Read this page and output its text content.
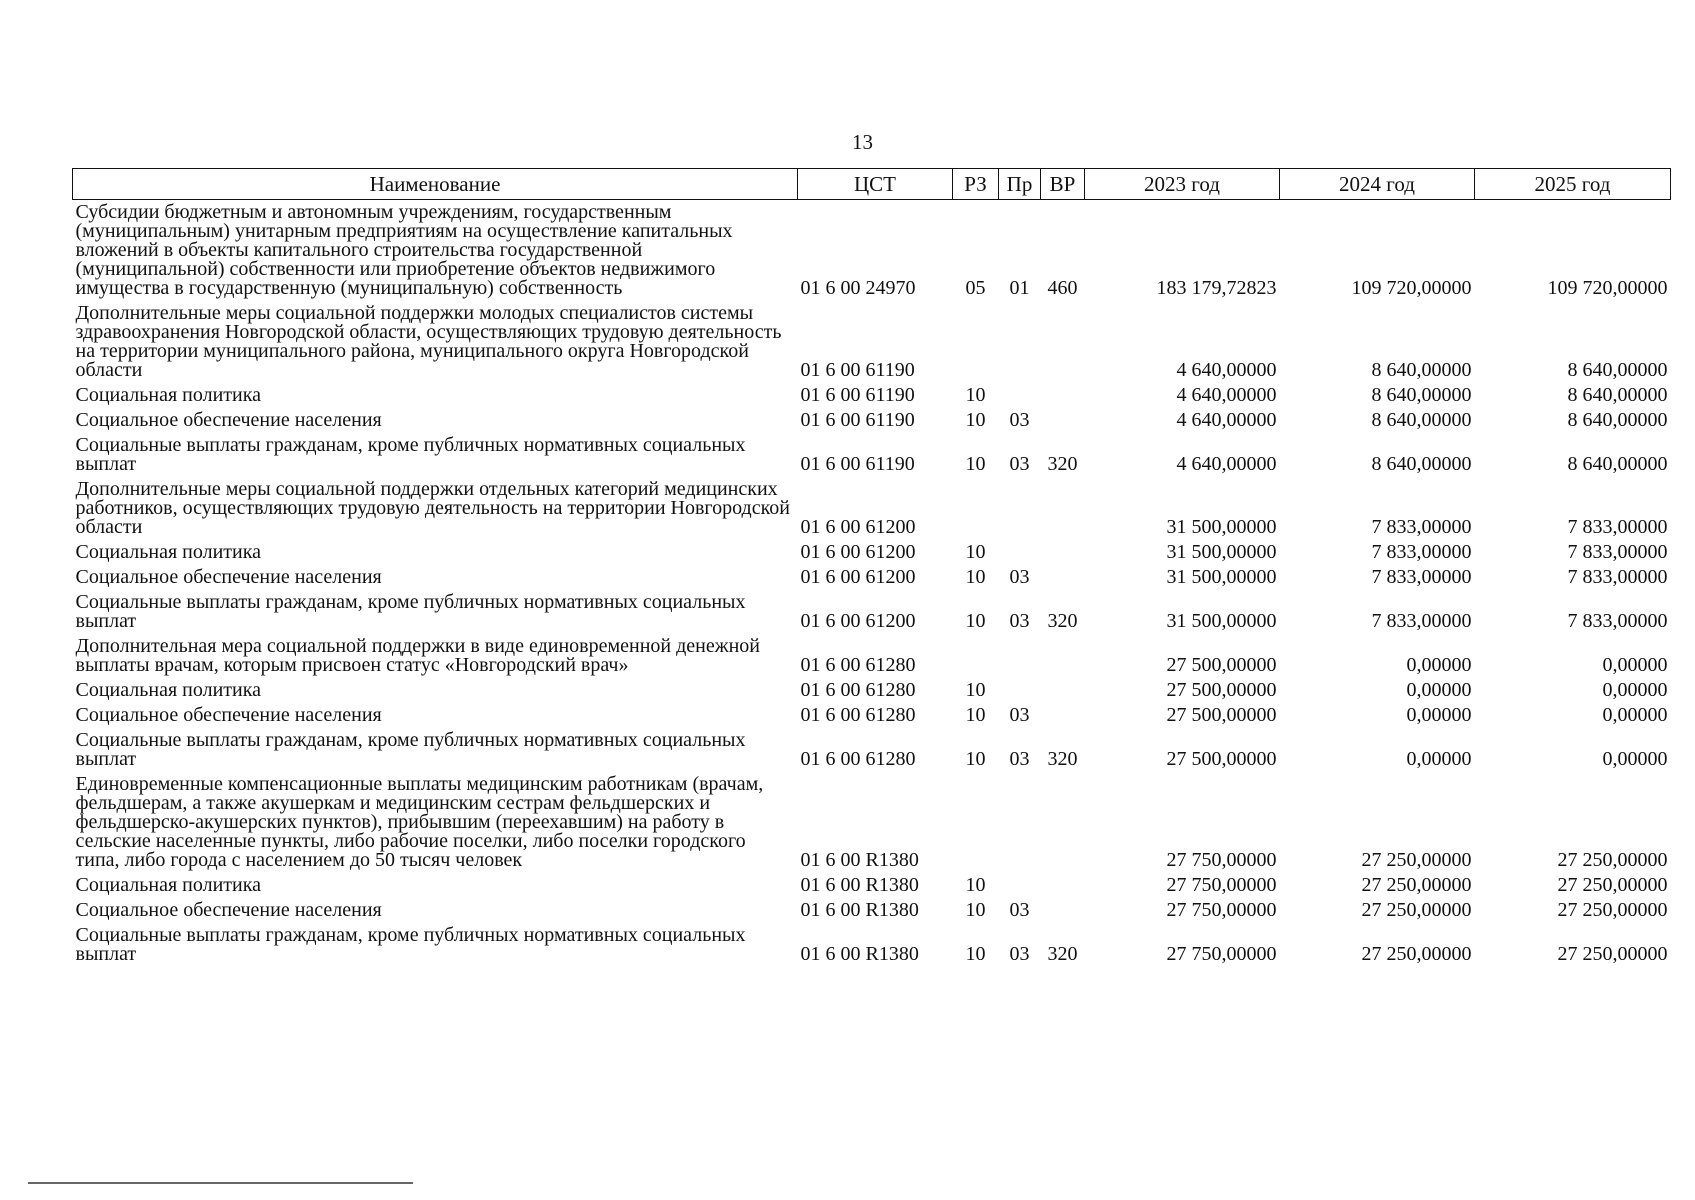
13
Наименование	ЦСТ	РЗ	Пр	ВР	2023 год	2024 год	2025 год
Субсидии бюджетным и автономным учреждениям, государственным (муниципальным) унитарным предприятиям на осуществление капитальных вложений в объекты капитального строительства государственной (муниципальной) собственности или приобретение объектов недвижимого имущества в государственную (муниципальную) собственность	01 6 00 24970	05	01	460	183 179,72823	109 720,00000	109 720,00000
Дополнительные меры социальной поддержки молодых специалистов системы здравоохранения Новгородской области, осуществляющих трудовую деятельность на территории муниципального района, муниципального округа Новгородской области	01 6 00 61190				4 640,00000	8 640,00000	8 640,00000
Социальная политика	01 6 00 61190	10			4 640,00000	8 640,00000	8 640,00000
Социальное обеспечение населения	01 6 00 61190	10	03		4 640,00000	8 640,00000	8 640,00000
Социальные выплаты гражданам, кроме публичных нормативных социальных выплат	01 6 00 61190	10	03	320	4 640,00000	8 640,00000	8 640,00000
Дополнительные меры социальной поддержки отдельных категорий медицинских работников, осуществляющих трудовую деятельность на территории Новгородской области	01 6 00 61200				31 500,00000	7 833,00000	7 833,00000
Социальная политика	01 6 00 61200	10			31 500,00000	7 833,00000	7 833,00000
Социальное обеспечение населения	01 6 00 61200	10	03		31 500,00000	7 833,00000	7 833,00000
Социальные выплаты гражданам, кроме публичных нормативных социальных выплат	01 6 00 61200	10	03	320	31 500,00000	7 833,00000	7 833,00000
Дополнительная мера социальной поддержки в виде единовременной денежной выплаты врачам, которым присвоен статус «Новгородский врач»	01 6 00 61280				27 500,00000	0,00000	0,00000
Социальная политика	01 6 00 61280	10			27 500,00000	0,00000	0,00000
Социальное обеспечение населения	01 6 00 61280	10	03		27 500,00000	0,00000	0,00000
Социальные выплаты гражданам, кроме публичных нормативных социальных выплат	01 6 00 61280	10	03	320	27 500,00000	0,00000	0,00000
Единовременные компенсационные выплаты медицинским работникам (врачам, фельдшерам, а также акушеркам и медицинским сестрам фельдшерских и фельдшерско-акушерских пунктов), прибывшим (переехавшим) на работу в сельские населенные пункты, либо рабочие поселки, либо поселки городского типа, либо города с населением до 50 тысяч человек	01 6 00 R1380				27 750,00000	27 250,00000	27 250,00000
Социальная политика	01 6 00 R1380	10			27 750,00000	27 250,00000	27 250,00000
Социальное обеспечение населения	01 6 00 R1380	10	03		27 750,00000	27 250,00000	27 250,00000
Социальные выплаты гражданам, кроме публичных нормативных социальных выплат	01 6 00 R1380	10	03	320	27 750,00000	27 250,00000	27 250,00000
